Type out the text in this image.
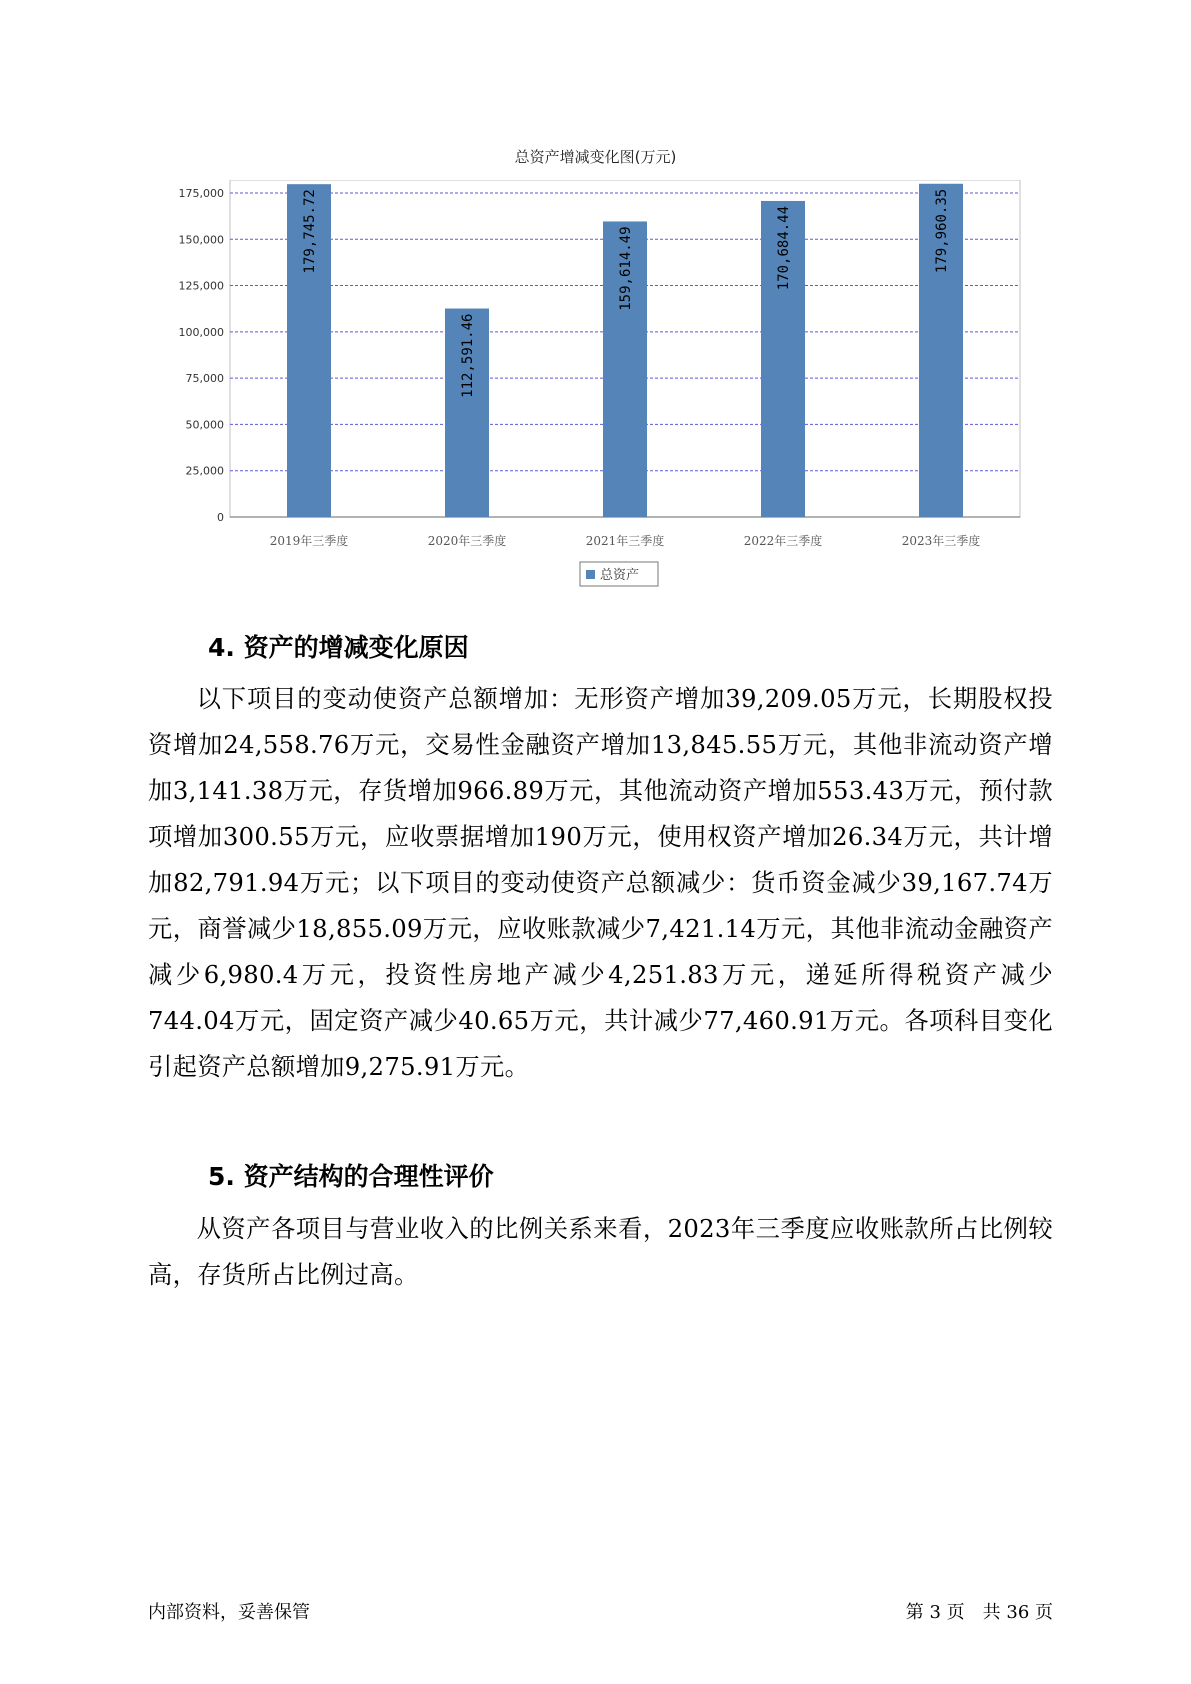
总资产增减变化图(万元)
0
25,000
50,000
75,000
100,000
125,000
150,000
175,000	179,745.72
2019年三季度
112,591.46
2020年三季度
159,614.49
2021年三季度
170,684.44
2022年三季度
179,960.35
2023年三季度
总资产
4. 资产的增减变化原因

以下项目的变动使资产总额增加：无形资产增加39,209.05万元，长期股权投资增加24,558.76万元，交易性金融资产增加13,845.55万元，其他非流动资产增加3,141.38万元，存货增加966.89万元，其他流动资产增加553.43万元，预付款项增加300.55万元，应收票据增加190万元，使用权资产增加26.34万元，共计增加82,791.94万元；以下项目的变动使资产总额减少：货币资金减少39,167.74万元，商誉减少18,855.09万元，应收账款减少7,421.14万元，其他非流动金融资产减少6,980.4万元，投资性房地产减少4,251.83万元，递延所得税资产减少744.04万元，固定资产减少40.65万元，共计减少77,460.91万元。各项科目变化引起资产总额增加9,275.91万元。

5. 资产结构的合理性评价

从资产各项目与营业收入的比例关系来看，2023年三季度应收账款所占比例较高，存货所占比例过高。

内部资料，妥善保管	第 3 页　共 36 页
